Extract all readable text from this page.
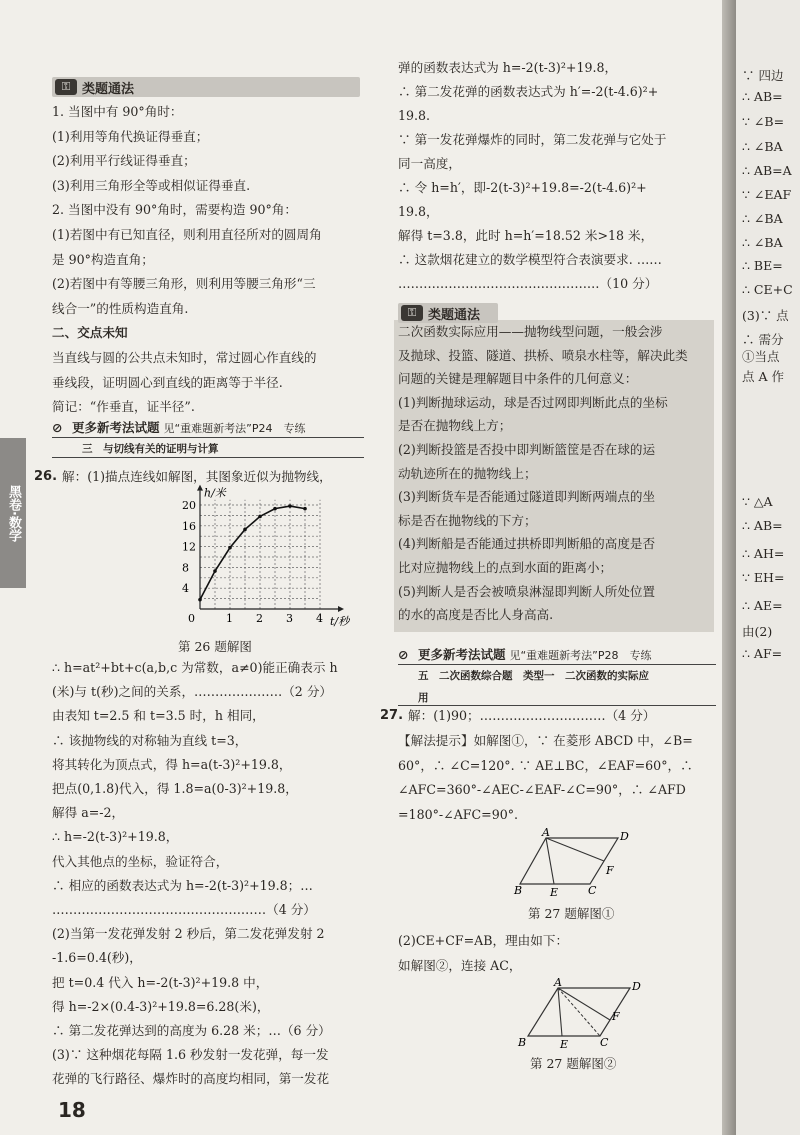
黑卷·数学
⚿ 类题通法
1. 当图中有 90°角时：
(1)利用等角代换证得垂直；
(2)利用平行线证得垂直；
(3)利用三角形全等或相似证得垂直.
2. 当图中没有 90°角时，需要构造 90°角：
(1)若图中有已知直径，则利用直径所对的圆周角
是 90°构造直角；
(2)若图中有等腰三角形，则利用等腰三角形“三
线合一”的性质构造直角.
二、交点未知
当直线与圆的公共点未知时，常过圆心作直线的
垂线段，证明圆心到直线的距离等于半径.
简记：“作垂直，证半径”.
⊘ 更多新考法试题 见“重难题新考法”P24　专练
三　与切线有关的证明与计算
26. 解：(1)描点连线如解图，其图象近似为抛物线，
0	1 2 3 4
4
8
12
16
20
h/米
t/秒
第 26 题解图
∴ h=at²+bt+c(a,b,c 为常数，a≠0)能正确表示 h
(米)与 t(秒)之间的关系，…………………（2 分）
由表知 t=2.5 和 t=3.5 时，h 相同，
∴ 该抛物线的对称轴为直线 t=3，
将其转化为顶点式，得 h=a(t-3)²+19.8，
把点(0,1.8)代入，得 1.8=a(0-3)²+19.8，
解得 a=-2，
∴ h=-2(t-3)²+19.8，
代入其他点的坐标，验证符合，
∴ 相应的函数表达式为 h=-2(t-3)²+19.8；…
……………………………………………（4 分）
(2)当第一发花弹发射 2 秒后，第二发花弹发射 2
-1.6=0.4(秒)，
把 t=0.4 代入 h=-2(t-3)²+19.8 中，
得 h=-2×(0.4-3)²+19.8=6.28(米)，
∴ 第二发花弹达到的高度为 6.28 米；…（6 分）
(3)∵ 这种烟花每隔 1.6 秒发射一发花弹，每一发
花弹的飞行路径、爆炸时的高度均相同，第一发花
弹的函数表达式为 h=-2(t-3)²+19.8，
∴ 第二发花弹的函数表达式为 h′=-2(t-4.6)²+
19.8.
∵ 第一发花弹爆炸的同时，第二发花弹与它处于
同一高度，
∴ 令 h=h′，即-2(t-3)²+19.8=-2(t-4.6)²+
19.8，
解得 t=3.8，此时 h=h′=18.52 米>18 米，
∴ 这款烟花建立的数学模型符合表演要求. ……
…………………………………………（10 分）
⚿ 类题通法
二次函数实际应用——抛物线型问题，一般会涉
及抛球、投篮、隧道、拱桥、喷泉水柱等，解决此类
问题的关键是理解题目中条件的几何意义：
(1)判断抛球运动，球是否过网即判断此点的坐标
是否在抛物线上方；
(2)判断投篮是否投中即判断篮筐是否在球的运
动轨迹所在的抛物线上；
(3)判断货车是否能通过隧道即判断两端点的坐
标是否在抛物线的下方；
(4)判断船是否能通过拱桥即判断船的高度是否
比对应抛物线上的点到水面的距离小；
(5)判断人是否会被喷泉淋湿即判断人所处位置
的水的高度是否比人身高高.
⊘ 更多新考法试题 见“重难题新考法”P28　专练
五　二次函数综合题　类型一　二次函数的实际应
用
27. 解：(1)90；…………………………（4 分）
【解法提示】如解图①，∵ 在菱形 ABCD 中，∠B=
60°，∴ ∠C=120°. ∵ AE⊥BC，∠EAF=60°，∴
∠AFC=360°-∠AEC-∠EAF-∠C=90°，∴ ∠AFD
=180°-∠AFC=90°.
(2)CE+CF=AB，理由如下：
如解图②，连接 AC，
A	D
B	E	C
F
第 27 题解图①
A	D
F
B	E	C
第 27 题解图②
18
∵ 四边
∴ AB=
∵ ∠B=
∴ ∠BA
∴ AB=A
∵ ∠EAF
∴ ∠BA
∴ ∠BA
∴ BE=
∴ CE+C
(3)∵ 点
∴ 需分
①当点
点 A 作
∵ △A
∴ AB=
∴ AH=
∵ EH=
∴ AE=
由(2)
∴ AF=
